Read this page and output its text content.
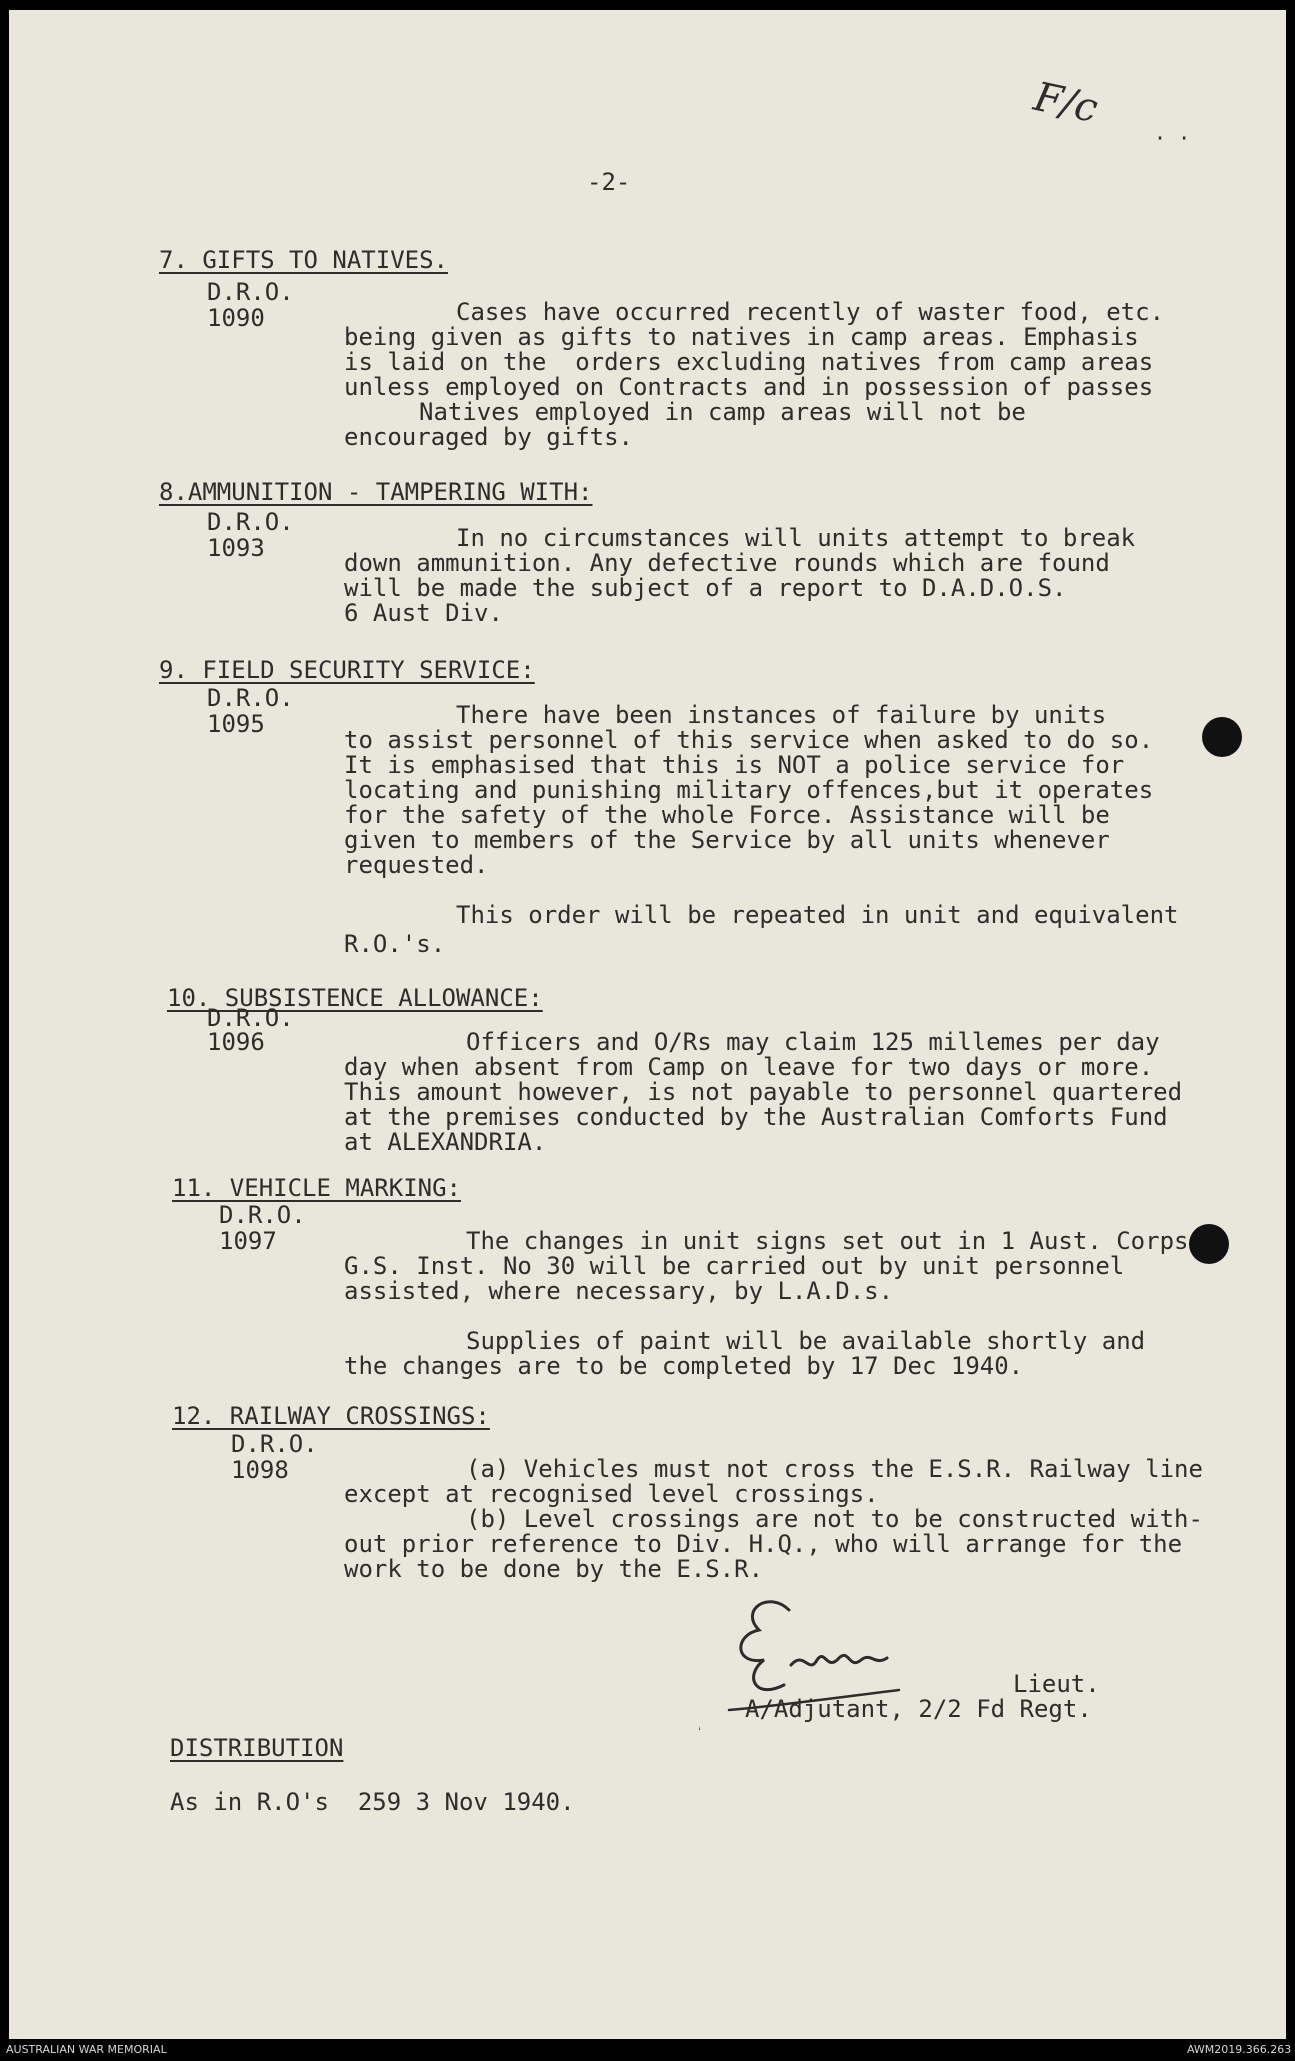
F/c
· ·
-2-
7. GIFTS TO NATIVES.
D.R.O.
1090	Cases have occurred recently of waster food, etc.
being given as gifts to natives in camp areas. Emphasis
is laid on the  orders excluding natives from camp areas
unless employed on Contracts and in possession of passes
Natives employed in camp areas will not be
encouraged by gifts.
8.AMMUNITION - TAMPERING WITH:
D.R.O.
1093	In no circumstances will units attempt to break
down ammunition. Any defective rounds which are found
will be made the subject of a report to D.A.D.O.S.
6 Aust Div.
9. FIELD SECURITY SERVICE:
D.R.O.
1095	There have been instances of failure by units
to assist personnel of this service when asked to do so.
It is emphasised that this is NOT a police service for
locating and punishing military offences,but it operates
for the safety of the whole Force. Assistance will be
given to members of the Service by all units whenever
requested.
This order will be repeated in unit and equivalent
R.O.'s.
10. SUBSISTENCE ALLOWANCE:
D.R.O.
1096	Officers and O/Rs may claim 125 millemes per day
day when absent from Camp on leave for two days or more.
This amount however, is not payable to personnel quartered
at the premises conducted by the Australian Comforts Fund
at ALEXANDRIA.
11. VEHICLE MARKING:
D.R.O.
1097	The changes in unit signs set out in 1 Aust. Corps
G.S. Inst. No 30 will be carried out by unit personnel
assisted, where necessary, by L.A.D.s.
Supplies of paint will be available shortly and
the changes are to be completed by 17 Dec 1940.
12. RAILWAY CROSSINGS:
D.R.O.
1098	(a) Vehicles must not cross the E.S.R. Railway line
except at recognised level crossings.
(b) Level crossings are not to be constructed with-
out prior reference to Div. H.Q., who will arrange for the
work to be done by the E.S.R.
Lieut.
A/Adjutant, 2/2 Fd Regt.
DISTRIBUTION
As in R.O's  259 3 Nov 1940.
AUSTRALIAN WAR MEMORIAL	AWM2019.366.263
